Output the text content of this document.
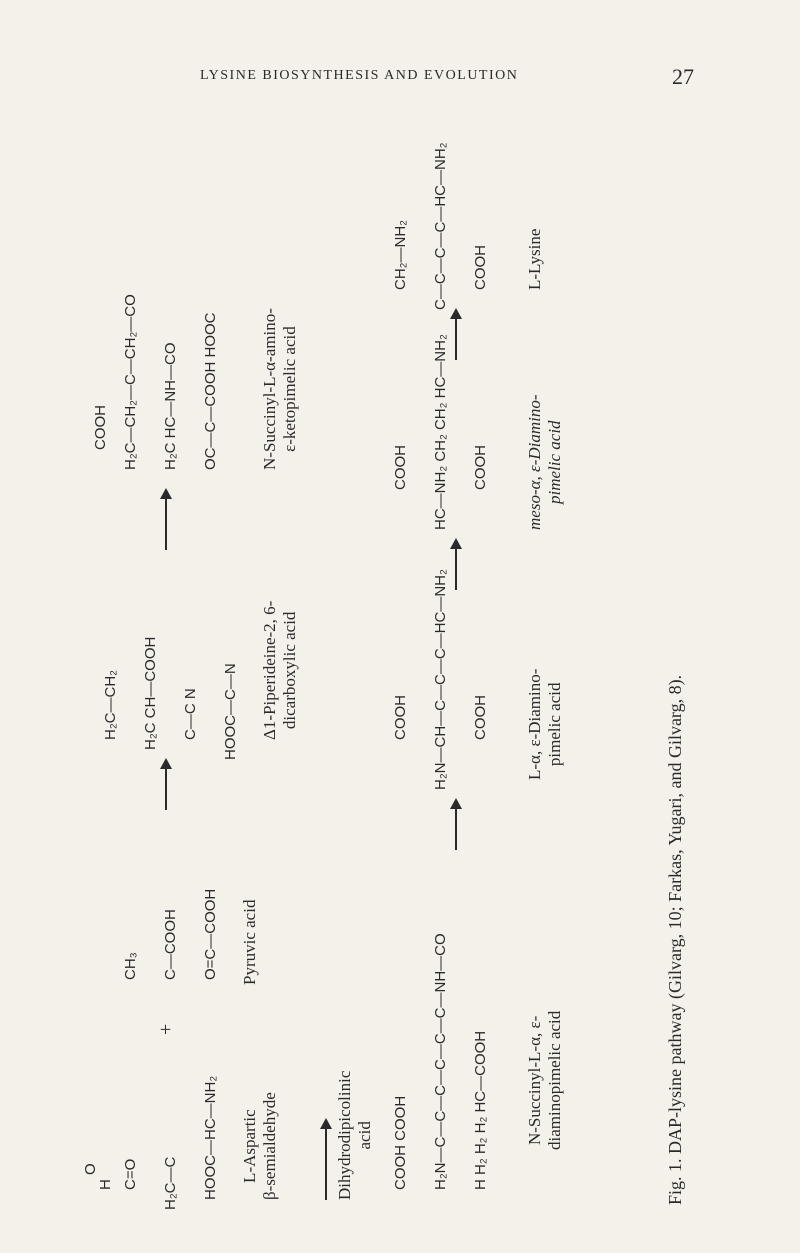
LYSINE BIOSYNTHESIS AND EVOLUTION	27
H
O C=O H₂C—C HOOC—HC—NH₂
CH₃ C—COOH O=C—COOH
H₂C—CH₂ H₂C CH—COOH C—C N HOOC—C—N
COOH H₂C—CH₂—C—CH₂—CO H₂C HC—NH—CO OC—C—COOH HOOC
COOH COOH H₂N—C—C—C—C—C—C—NH—CO H H₂ H₂ H₂ HC—COOH
COOH H₂N—CH—C—C—C—HC—NH₂ COOH
COOH HC—NH₂ CH₂ CH₂ HC—NH₂ COOH
CH₂—NH₂ C—C—C—C—HC—NH₂ COOH
+
L-Aspartic β-semialdehyde
Pyruvic acid
Dihydrodipicolinic acid
Δ1-Piperideine-2, 6- dicarboxylic acid
N-Succinyl-L-α-amino- ε-ketopimelic acid
N-Succinyl-L-α, ε- diaminopimelic acid
L-α, ε-Diamino- pimelic acid
meso-α, ε-Diamino- pimelic acid
L-Lysine
Fig. 1. DAP-lysine pathway (Gilvarg, 10; Farkas, Yugari, and Gilvarg, 8).
